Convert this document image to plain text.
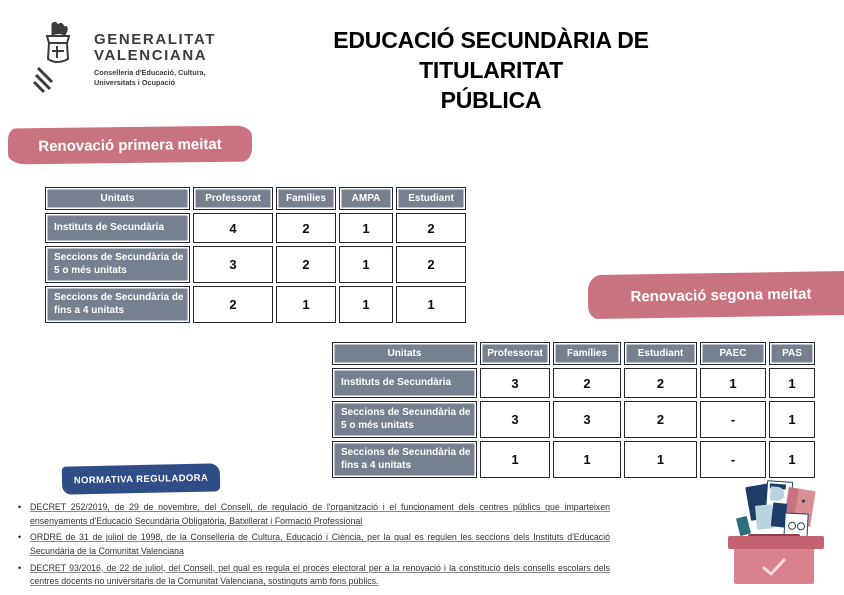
GENERALITAT
VALENCIANA
Conselleria d'Educació, Cultura,
Universitats i Ocupació
EDUCACIÓ SECUNDÀRIA DE TITULARITAT
PÚBLICA
Renovació primera meitat
Renovació segona meitat
NORMATIVA REGULADORA
Unitats	Professorat	Famílies	AMPA	Estudiant
Instituts de Secundària	4	2	1	2
Seccions de Secundària de 5 o més unitats	3	2	1	2
Seccions de Secundària de fins a 4 unitats	2	1	1	1
Unitats	Professorat	Famílies	Estudiant	PAEC	PAS
Instituts de Secundària	3	2	2	1	1
Seccions de Secundària de 5 o més unitats	3	3	2	-	1
Seccions de Secundària de fins a 4 unitats	1	1	1	-	1
• DECRET 252/2019, de 29 de novembre, del Consell, de regulació de l'organització i el funcionament dels centres públics que imparteixen ensenyaments d'Educació Secundària Obligatòria, Batxillerat i Formació Professional
• ORDRE de 31 de juliol de 1998, de la Conselleria de Cultura, Educació i Ciència, per la qual es regulen les seccions dels Instituts d'Educació Secundària de la Comunitat Valenciana
• DECRET 93/2016, de 22 de juliol, del Consell, pel qual es regula el procés electoral per a la renovació i la constitució dels consells escolars dels centres docents no universitaris de la Comunitat Valenciana, sostinguts amb fons públics.
